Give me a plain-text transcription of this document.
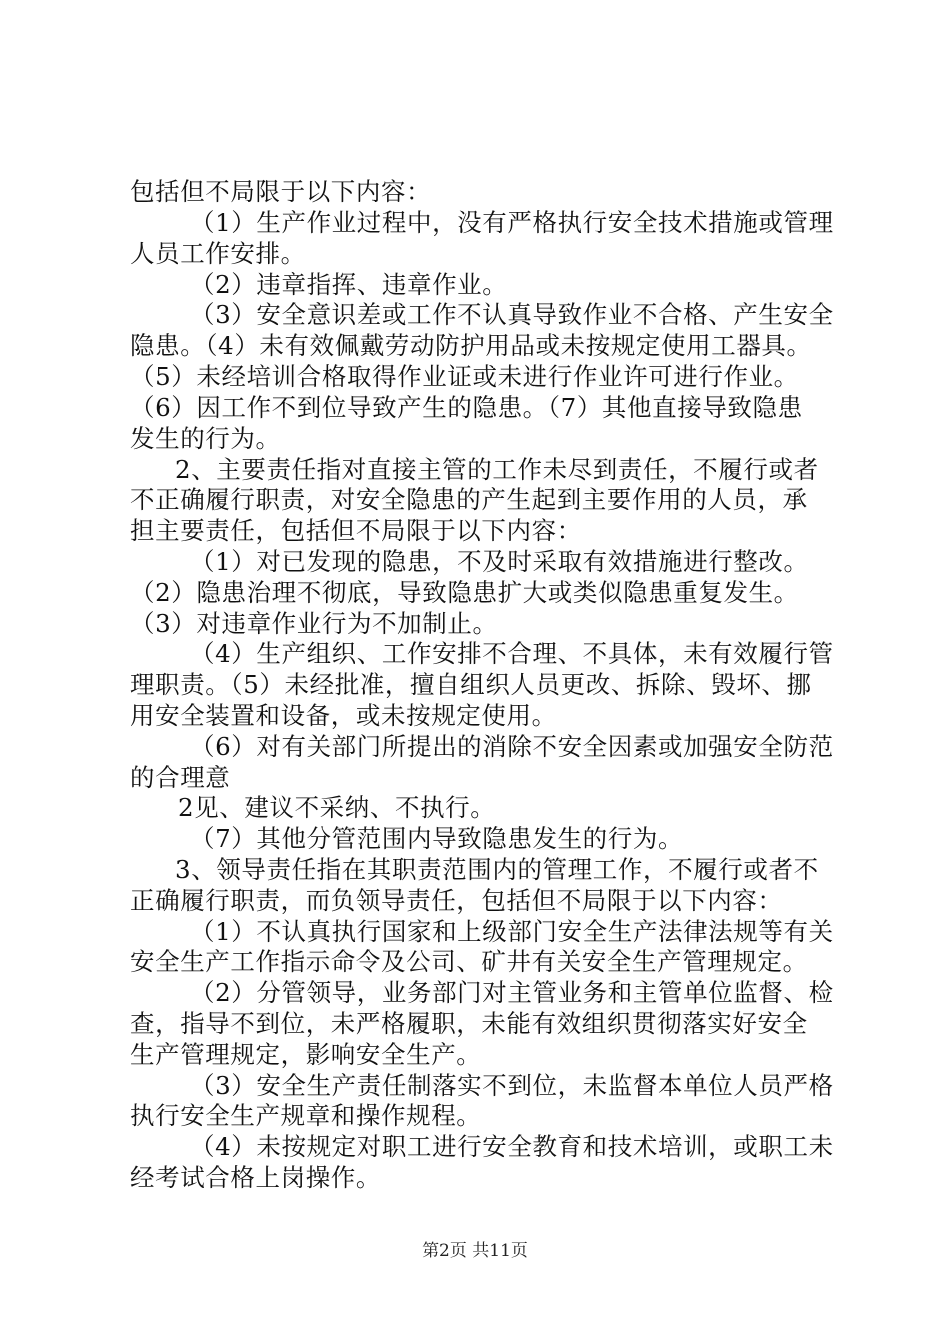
包括但不局限于以下内容：
（1）生产作业过程中，没有严格执行安全技术措施或管理
人员工作安排。
（2）违章指挥、违章作业。
（3）安全意识差或工作不认真导致作业不合格、产生安全
隐患。（4）未有效佩戴劳动防护用品或未按规定使用工器具。
（5）未经培训合格取得作业证或未进行作业许可进行作业。
（6）因工作不到位导致产生的隐患。（7）其他直接导致隐患
发生的行为。
2、主要责任指对直接主管的工作未尽到责任，不履行或者
不正确履行职责，对安全隐患的产生起到主要作用的人员，承
担主要责任，包括但不局限于以下内容：
（1）对已发现的隐患，不及时采取有效措施进行整改。
（2）隐患治理不彻底，导致隐患扩大或类似隐患重复发生。
（3）对违章作业行为不加制止。
（4）生产组织、工作安排不合理、不具体，未有效履行管
理职责。（5）未经批准，擅自组织人员更改、拆除、毁坏、挪
用安全装置和设备，或未按规定使用。
（6）对有关部门所提出的消除不安全因素或加强安全防范
的合理意
2见、建议不采纳、不执行。
（7）其他分管范围内导致隐患发生的行为。
3、领导责任指在其职责范围内的管理工作，不履行或者不
正确履行职责，而负领导责任，包括但不局限于以下内容：
（1）不认真执行国家和上级部门安全生产法律法规等有关
安全生产工作指示命令及公司、矿井有关安全生产管理规定。
（2）分管领导，业务部门对主管业务和主管单位监督、检
查，指导不到位，未严格履职，未能有效组织贯彻落实好安全
生产管理规定，影响安全生产。
（3）安全生产责任制落实不到位，未监督本单位人员严格
执行安全生产规章和操作规程。
（4）未按规定对职工进行安全教育和技术培训，或职工未
经考试合格上岗操作。
第2页 共11页
